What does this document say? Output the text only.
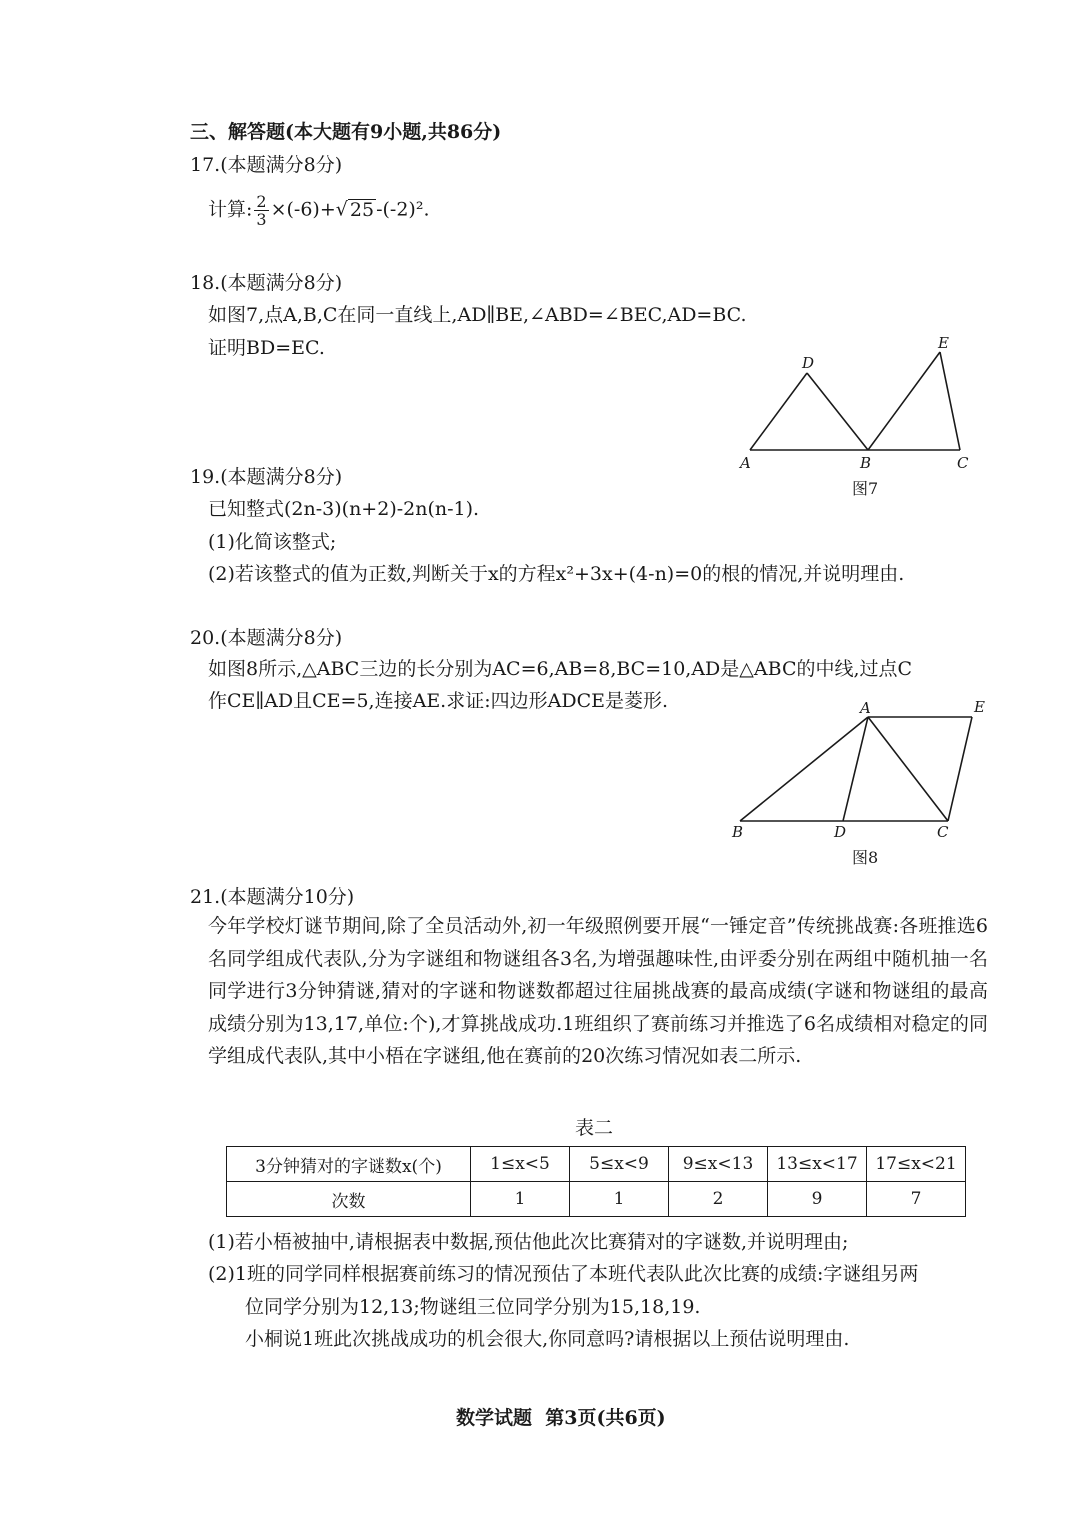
三、解答题(本大题有9小题,共86分)
17.(本题满分8分)
计算: $\frac{2}{3} \times(-6)+√$ 25 -(-2)².
18.(本题满分8分)
如图7,点A,B,C在同一直线上,AD∥BE,∠ABD=∠BEC,AD=BC.
证明BD=EC.
A	B	C
D
E
图7
19.(本题满分8分)
已知整式(2n-3)(n+2)-2n(n-1).
(1)化简该整式;
(2)若该整式的值为正数,判断关于x的方程x²+3x+(4-n)=0的根的情况,并说明理由.
20.(本题满分8分)
如图8所示,△ABC三边的长分别为AC=6,AB=8,BC=10,AD是△ABC的中线,过点C
作CE∥AD且CE=5,连接AE.求证:四边形ADCE是菱形.	A
B	C
D
E
图8
21.(本题满分10分)
今年学校灯谜节期间,除了全员活动外,初一年级照例要开展“一锤定音”传统挑战赛:各班推选6名同学组成代表队,分为字谜组和物谜组各3名,为增强趣味性,由评委分别在两组中随机抽一名同学进行3分钟猜谜,猜对的字谜和物谜数都超过往届挑战赛的最高成绩(字谜和物谜组的最高成绩分别为13,17,单位:个),才算挑战成功.1班组织了赛前练习并推选了6名成绩相对稳定的同学组成代表队,其中小梧在字谜组,他在赛前的20次练习情况如表二所示.
表二
3分钟猜对的字谜数x(个)	1≤x<5	5≤x<9	9≤x<13	13≤x<17	17≤x<21
次数	1	1	2	9	7
(1)若小梧被抽中,请根据表中数据,预估他此次比赛猜对的字谜数,并说明理由;
(2)1班的同学同样根据赛前练习的情况预估了本班代表队此次比赛的成绩:字谜组另两
位同学分别为12,13;物谜组三位同学分别为15,18,19.
小桐说1班此次挑战成功的机会很大,你同意吗?请根据以上预估说明理由.
数学试题  第3页(共6页)
